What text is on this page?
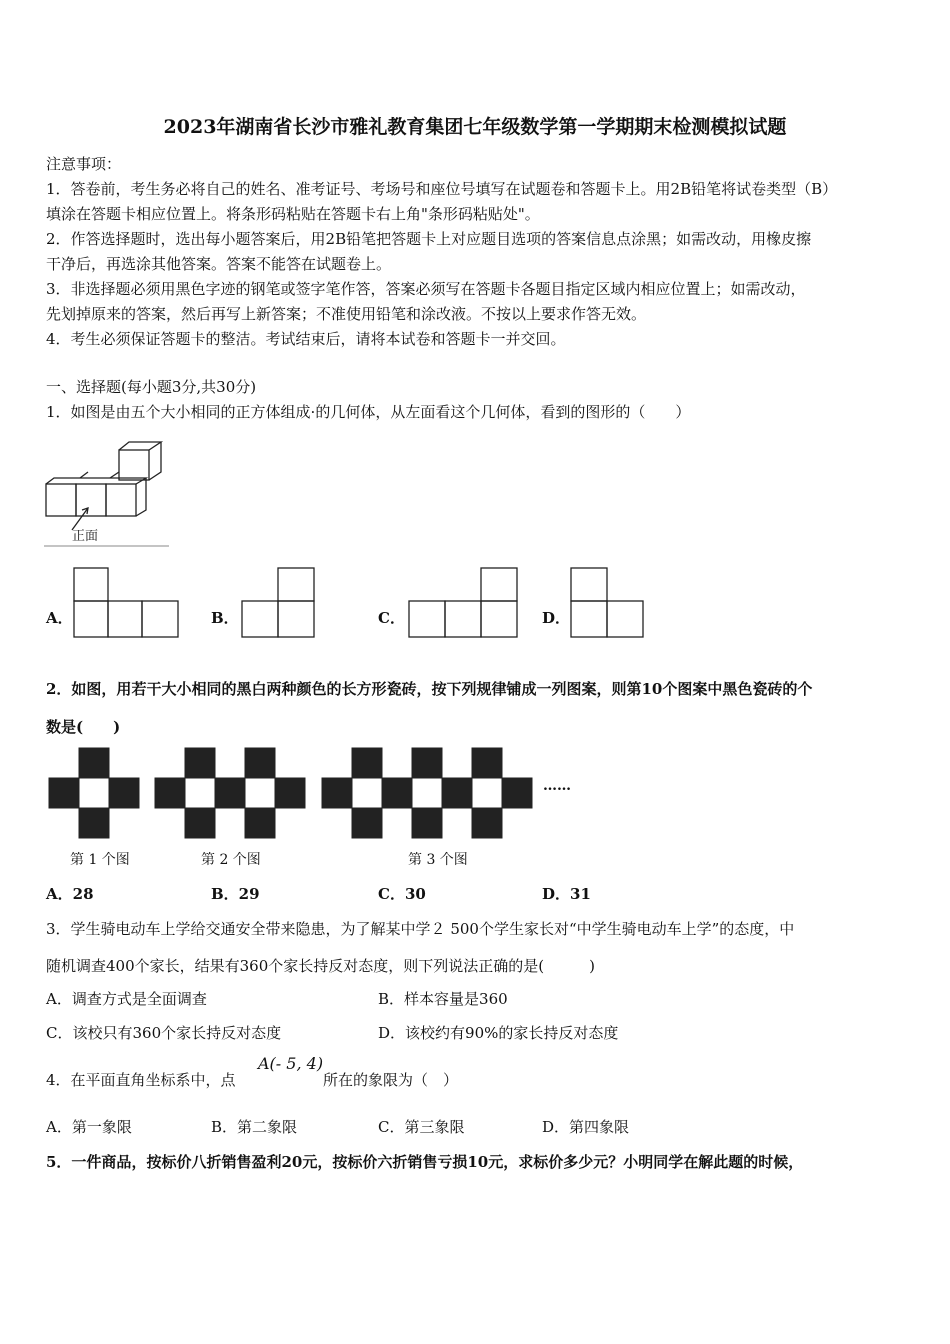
2023年湖南省长沙市雅礼教育集团七年级数学第一学期期末检测模拟试题
注意事项：
1．答卷前，考生务必将自己的姓名、准考证号、考场号和座位号填写在试题卷和答题卡上。用2B铅笔将试卷类型（B）
填涂在答题卡相应位置上。将条形码粘贴在答题卡右上角"条形码粘贴处"。
2．作答选择题时，选出每小题答案后，用2B铅笔把答题卡上对应题目选项的答案信息点涂黑；如需改动，用橡皮擦
干净后，再选涂其他答案。答案不能答在试题卷上。
3．非选择题必须用黑色字迹的钢笔或签字笔作答，答案必须写在答题卡各题目指定区域内相应位置上；如需改动，
先划掉原来的答案，然后再写上新答案；不准使用铅笔和涂改液。不按以上要求作答无效。
4．考生必须保证答题卡的整洁。考试结束后，请将本试卷和答题卡一并交回。
一、选择题(每小题3分,共30分)
1．如图是由五个大小相同的正方体组成·的几何体，从左面看这个几何体，看到的图形的（　　）
正面
A．	B．	C．	D．
2．如图，用若干大小相同的黑白两种颜色的长方形瓷砖，按下列规律铺成一列图案，则第10个图案中黑色瓷砖的个
数是(　　)
……
第 1 个图	第 2 个图	第 3 个图
A．28	B．29	C．30	D．31
3．学生骑电动车上学给交通安全带来隐患，为了解某中学２ 500个学生家长对“中学生骑电动车上学”的态度，中
随机调查400个家长，结果有360个家长持反对态度，则下列说法正确的是(　　　)
A．调查方式是全面调查	B．样本容量是360
C．该校只有360个家长持反对态度	D．该校约有90%的家长持反对态度
4．在平面直角坐标系中，点
A(- 5, 4)
所在的象限为（　）
A．第一象限	B．第二象限	C．第三象限	D．第四象限
5．一件商品，按标价八折销售盈利20元，按标价六折销售亏损10元，求标价多少元？小明同学在解此题的时候，
